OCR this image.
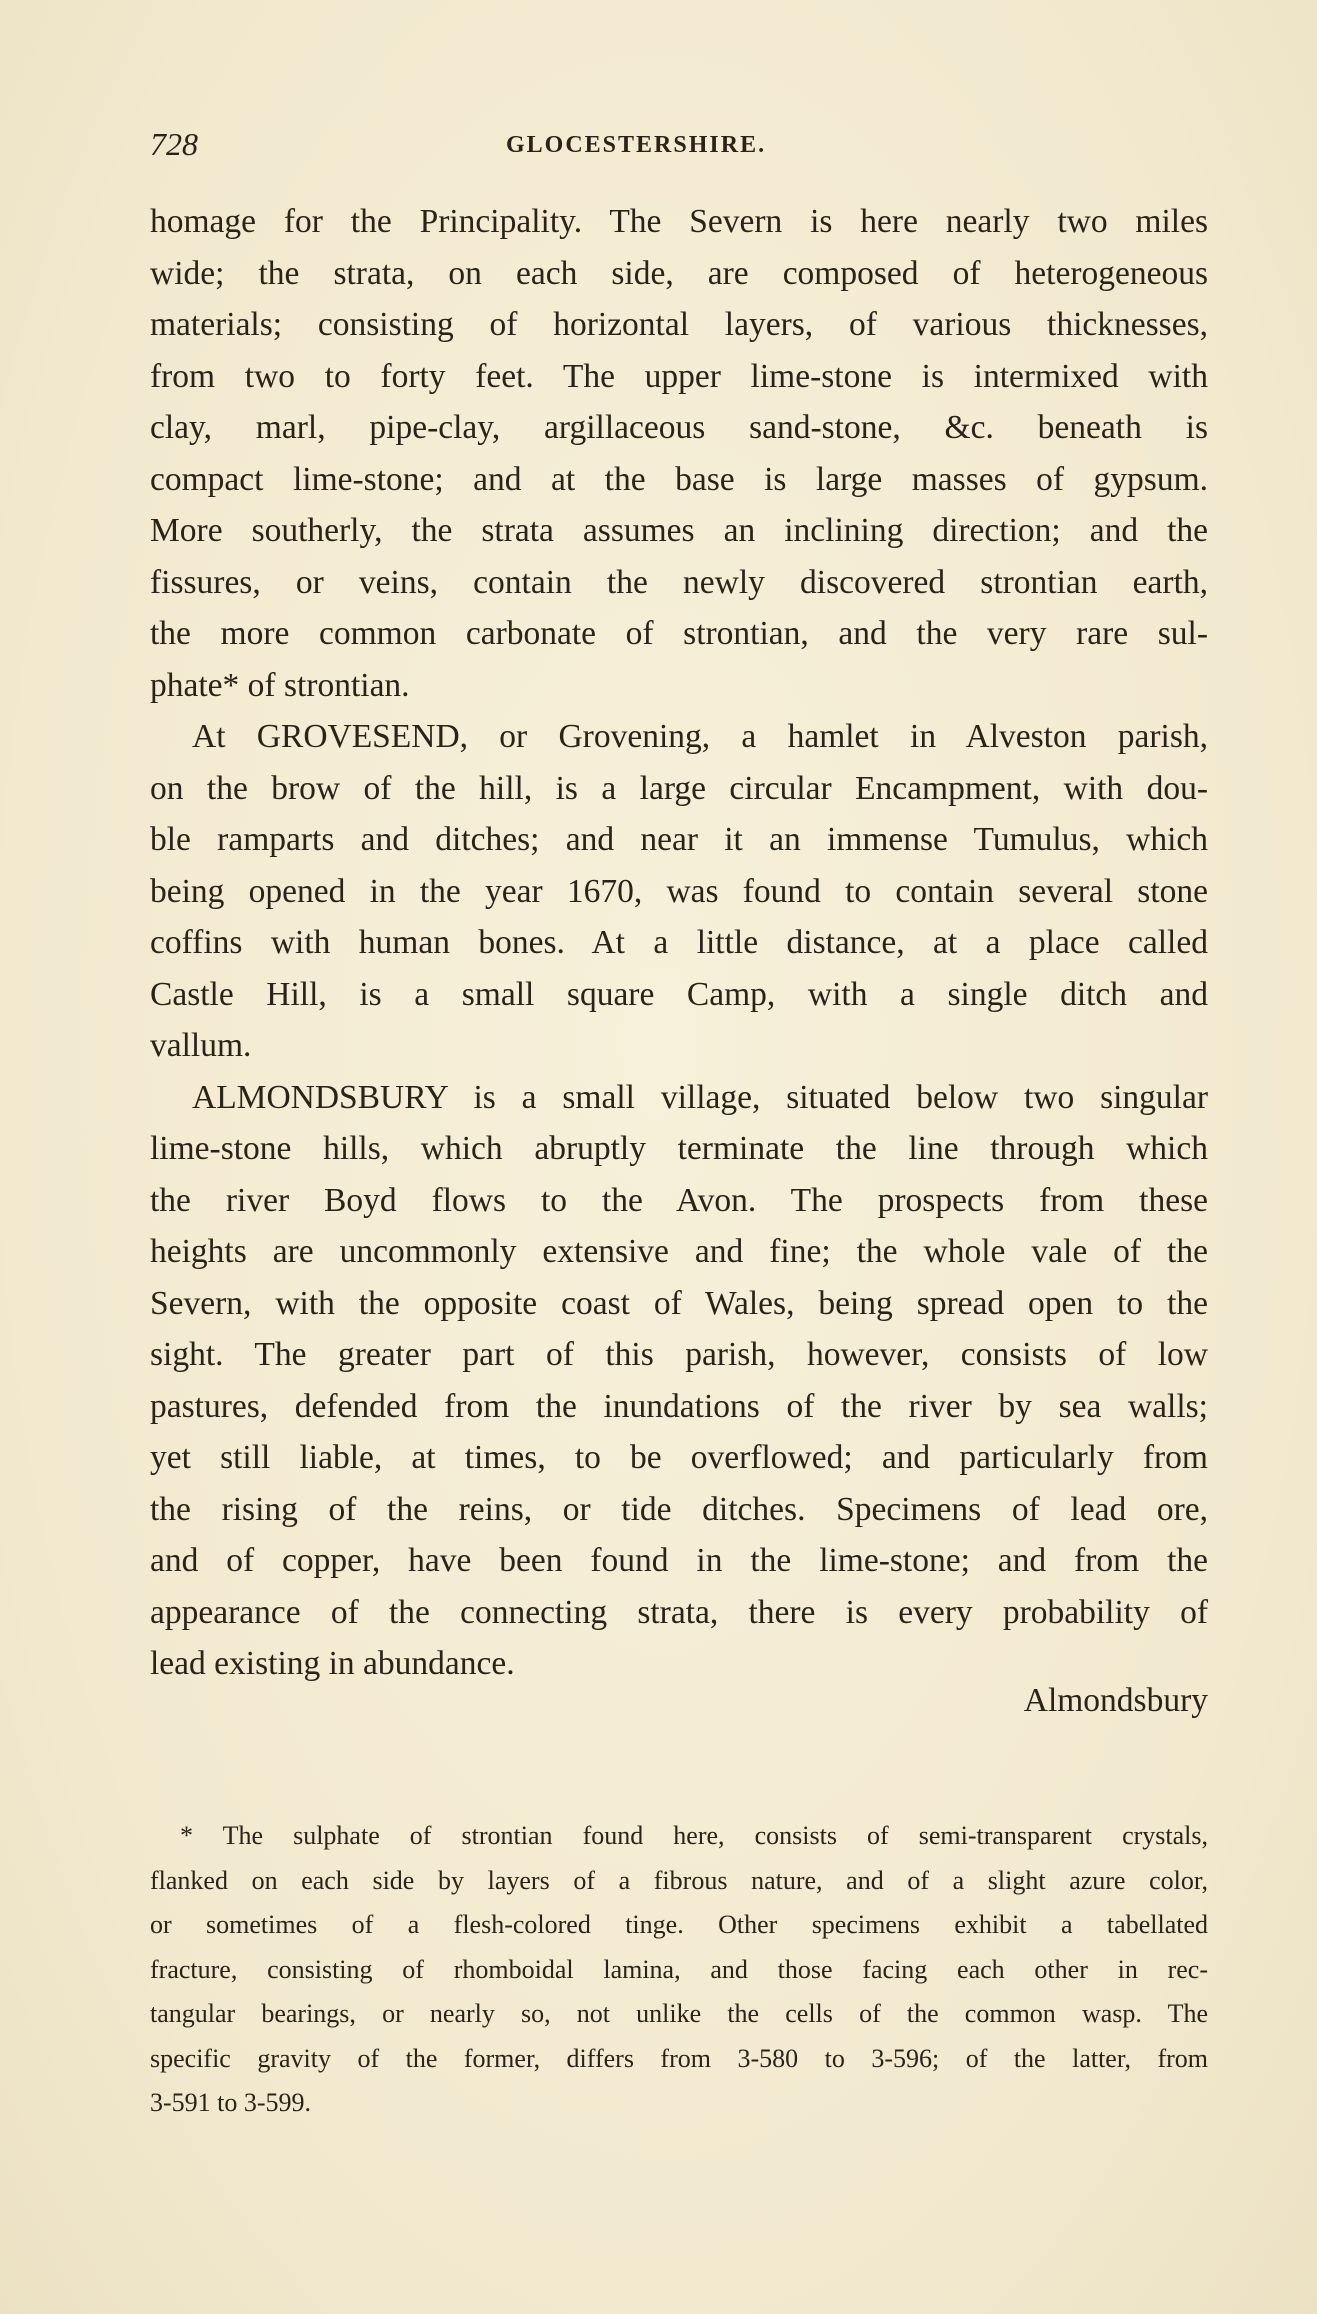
728	GLOCESTERSHIRE.
homage for the Principality. The Severn is here nearly two miles
wide; the strata, on each side, are composed of heterogeneous
materials; consisting of horizontal layers, of various thicknesses,
from two to forty feet. The upper lime-stone is intermixed with
clay, marl, pipe-clay, argillaceous sand-stone, &c. beneath is
compact lime-stone; and at the base is large masses of gypsum.
More southerly, the strata assumes an inclining direction; and the
fissures, or veins, contain the newly discovered strontian earth,
the more common carbonate of strontian, and the very rare sul-
phate* of strontian.
At GROVESEND, or Grovening, a hamlet in Alveston parish,
on the brow of the hill, is a large circular Encampment, with dou-
ble ramparts and ditches; and near it an immense Tumulus, which
being opened in the year 1670, was found to contain several stone
coffins with human bones. At a little distance, at a place called
Castle Hill, is a small square Camp, with a single ditch and
vallum.
ALMONDSBURY is a small village, situated below two singular
lime-stone hills, which abruptly terminate the line through which
the river Boyd flows to the Avon. The prospects from these
heights are uncommonly extensive and fine; the whole vale of the
Severn, with the opposite coast of Wales, being spread open to the
sight. The greater part of this parish, however, consists of low
pastures, defended from the inundations of the river by sea walls;
yet still liable, at times, to be overflowed; and particularly from
the rising of the reins, or tide ditches. Specimens of lead ore,
and of copper, have been found in the lime-stone; and from the
appearance of the connecting strata, there is every probability of
lead existing in abundance.
Almondsbury
* The sulphate of strontian found here, consists of semi-transparent crystals,
flanked on each side by layers of a fibrous nature, and of a slight azure color,
or sometimes of a flesh-colored tinge. Other specimens exhibit a tabellated
fracture, consisting of rhomboidal lamina, and those facing each other in rec-
tangular bearings, or nearly so, not unlike the cells of the common wasp. The
specific gravity of the former, differs from 3-580 to 3-596; of the latter, from
3-591 to 3-599.
